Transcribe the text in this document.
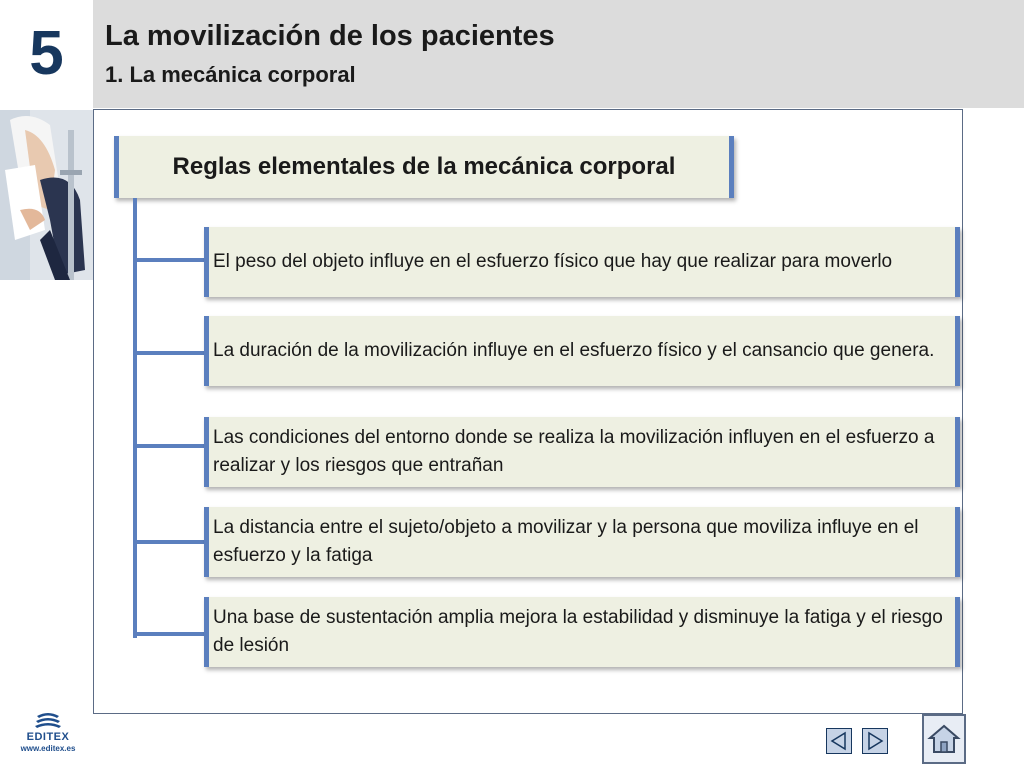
5	La movilización de los pacientes
1. La mecánica corporal
Reglas elementales de la mecánica corporal
El peso del objeto influye en el esfuerzo físico que hay que realizar para moverlo
La duración de la movilización influye en el esfuerzo físico y el cansancio que genera.
Las condiciones del entorno donde se realiza la movilización influyen en el esfuerzo a realizar y los riesgos que entrañan
La distancia entre el sujeto/objeto a movilizar y la persona que moviliza influye en el esfuerzo y la fatiga
Una base de sustentación amplia mejora la estabilidad y disminuye la fatiga y el riesgo de lesión
EDITEX
www.editex.es
